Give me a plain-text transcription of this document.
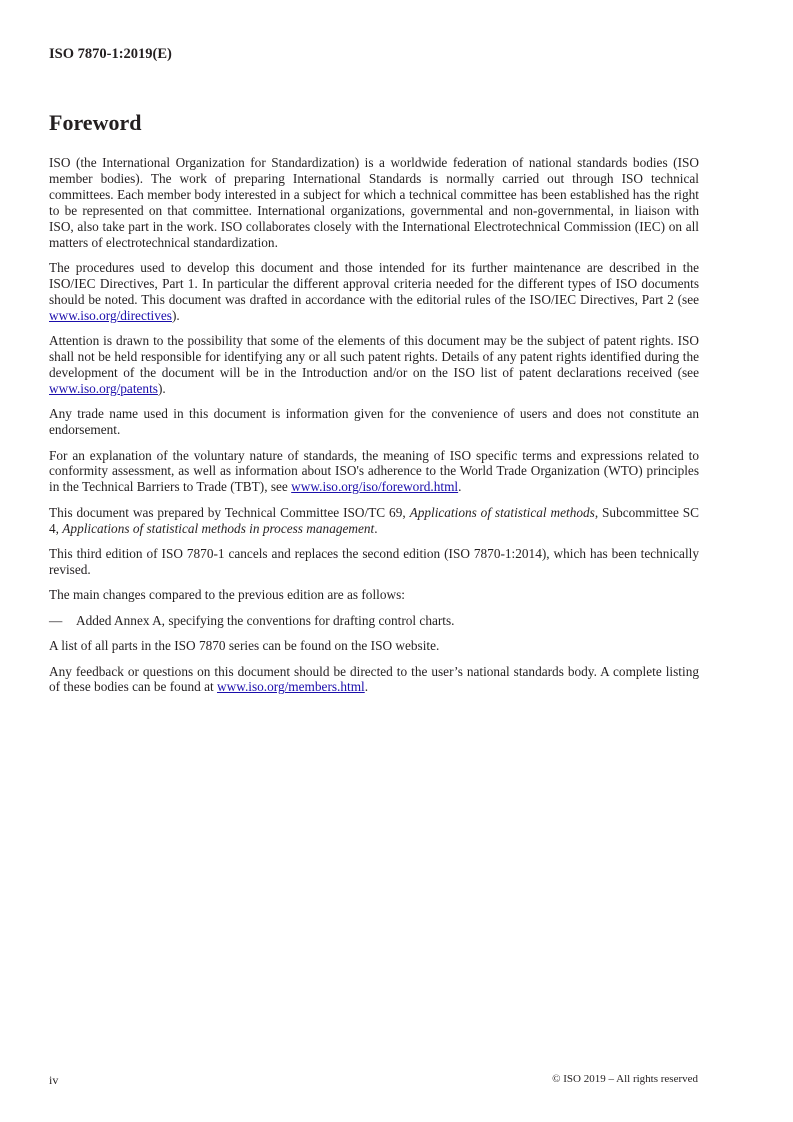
ISO 7870-1:2019(E)
Foreword

ISO (the International Organization for Standardization) is a worldwide federation of national standards bodies (ISO member bodies). The work of preparing International Standards is normally carried out through ISO technical committees. Each member body interested in a subject for which a technical committee has been established has the right to be represented on that committee. International organizations, governmental and non-governmental, in liaison with ISO, also take part in the work. ISO collaborates closely with the International Electrotechnical Commission (IEC) on all matters of electrotechnical standardization.

The procedures used to develop this document and those intended for its further maintenance are described in the ISO/IEC Directives, Part 1. In particular the different approval criteria needed for the different types of ISO documents should be noted. This document was drafted in accordance with the editorial rules of the ISO/IEC Directives, Part 2 (see www.iso.org/directives).

Attention is drawn to the possibility that some of the elements of this document may be the subject of patent rights. ISO shall not be held responsible for identifying any or all such patent rights. Details of any patent rights identified during the development of the document will be in the Introduction and/or on the ISO list of patent declarations received (see www.iso.org/patents).

Any trade name used in this document is information given for the convenience of users and does not constitute an endorsement.

For an explanation of the voluntary nature of standards, the meaning of ISO specific terms and expressions related to conformity assessment, as well as information about ISO's adherence to the World Trade Organization (WTO) principles in the Technical Barriers to Trade (TBT), see www.iso.org/iso/foreword.html.

This document was prepared by Technical Committee ISO/TC 69, Applications of statistical methods, Subcommittee SC 4, Applications of statistical methods in process management.

This third edition of ISO 7870-1 cancels and replaces the second edition (ISO 7870-1:2014), which has been technically revised.

The main changes compared to the previous edition are as follows:

—	Added Annex A, specifying the conventions for drafting control charts.

A list of all parts in the ISO 7870 series can be found on the ISO website.

Any feedback or questions on this document should be directed to the user’s national standards body. A complete listing of these bodies can be found at www.iso.org/members.html.

iv	© ISO 2019 – All rights reserved
